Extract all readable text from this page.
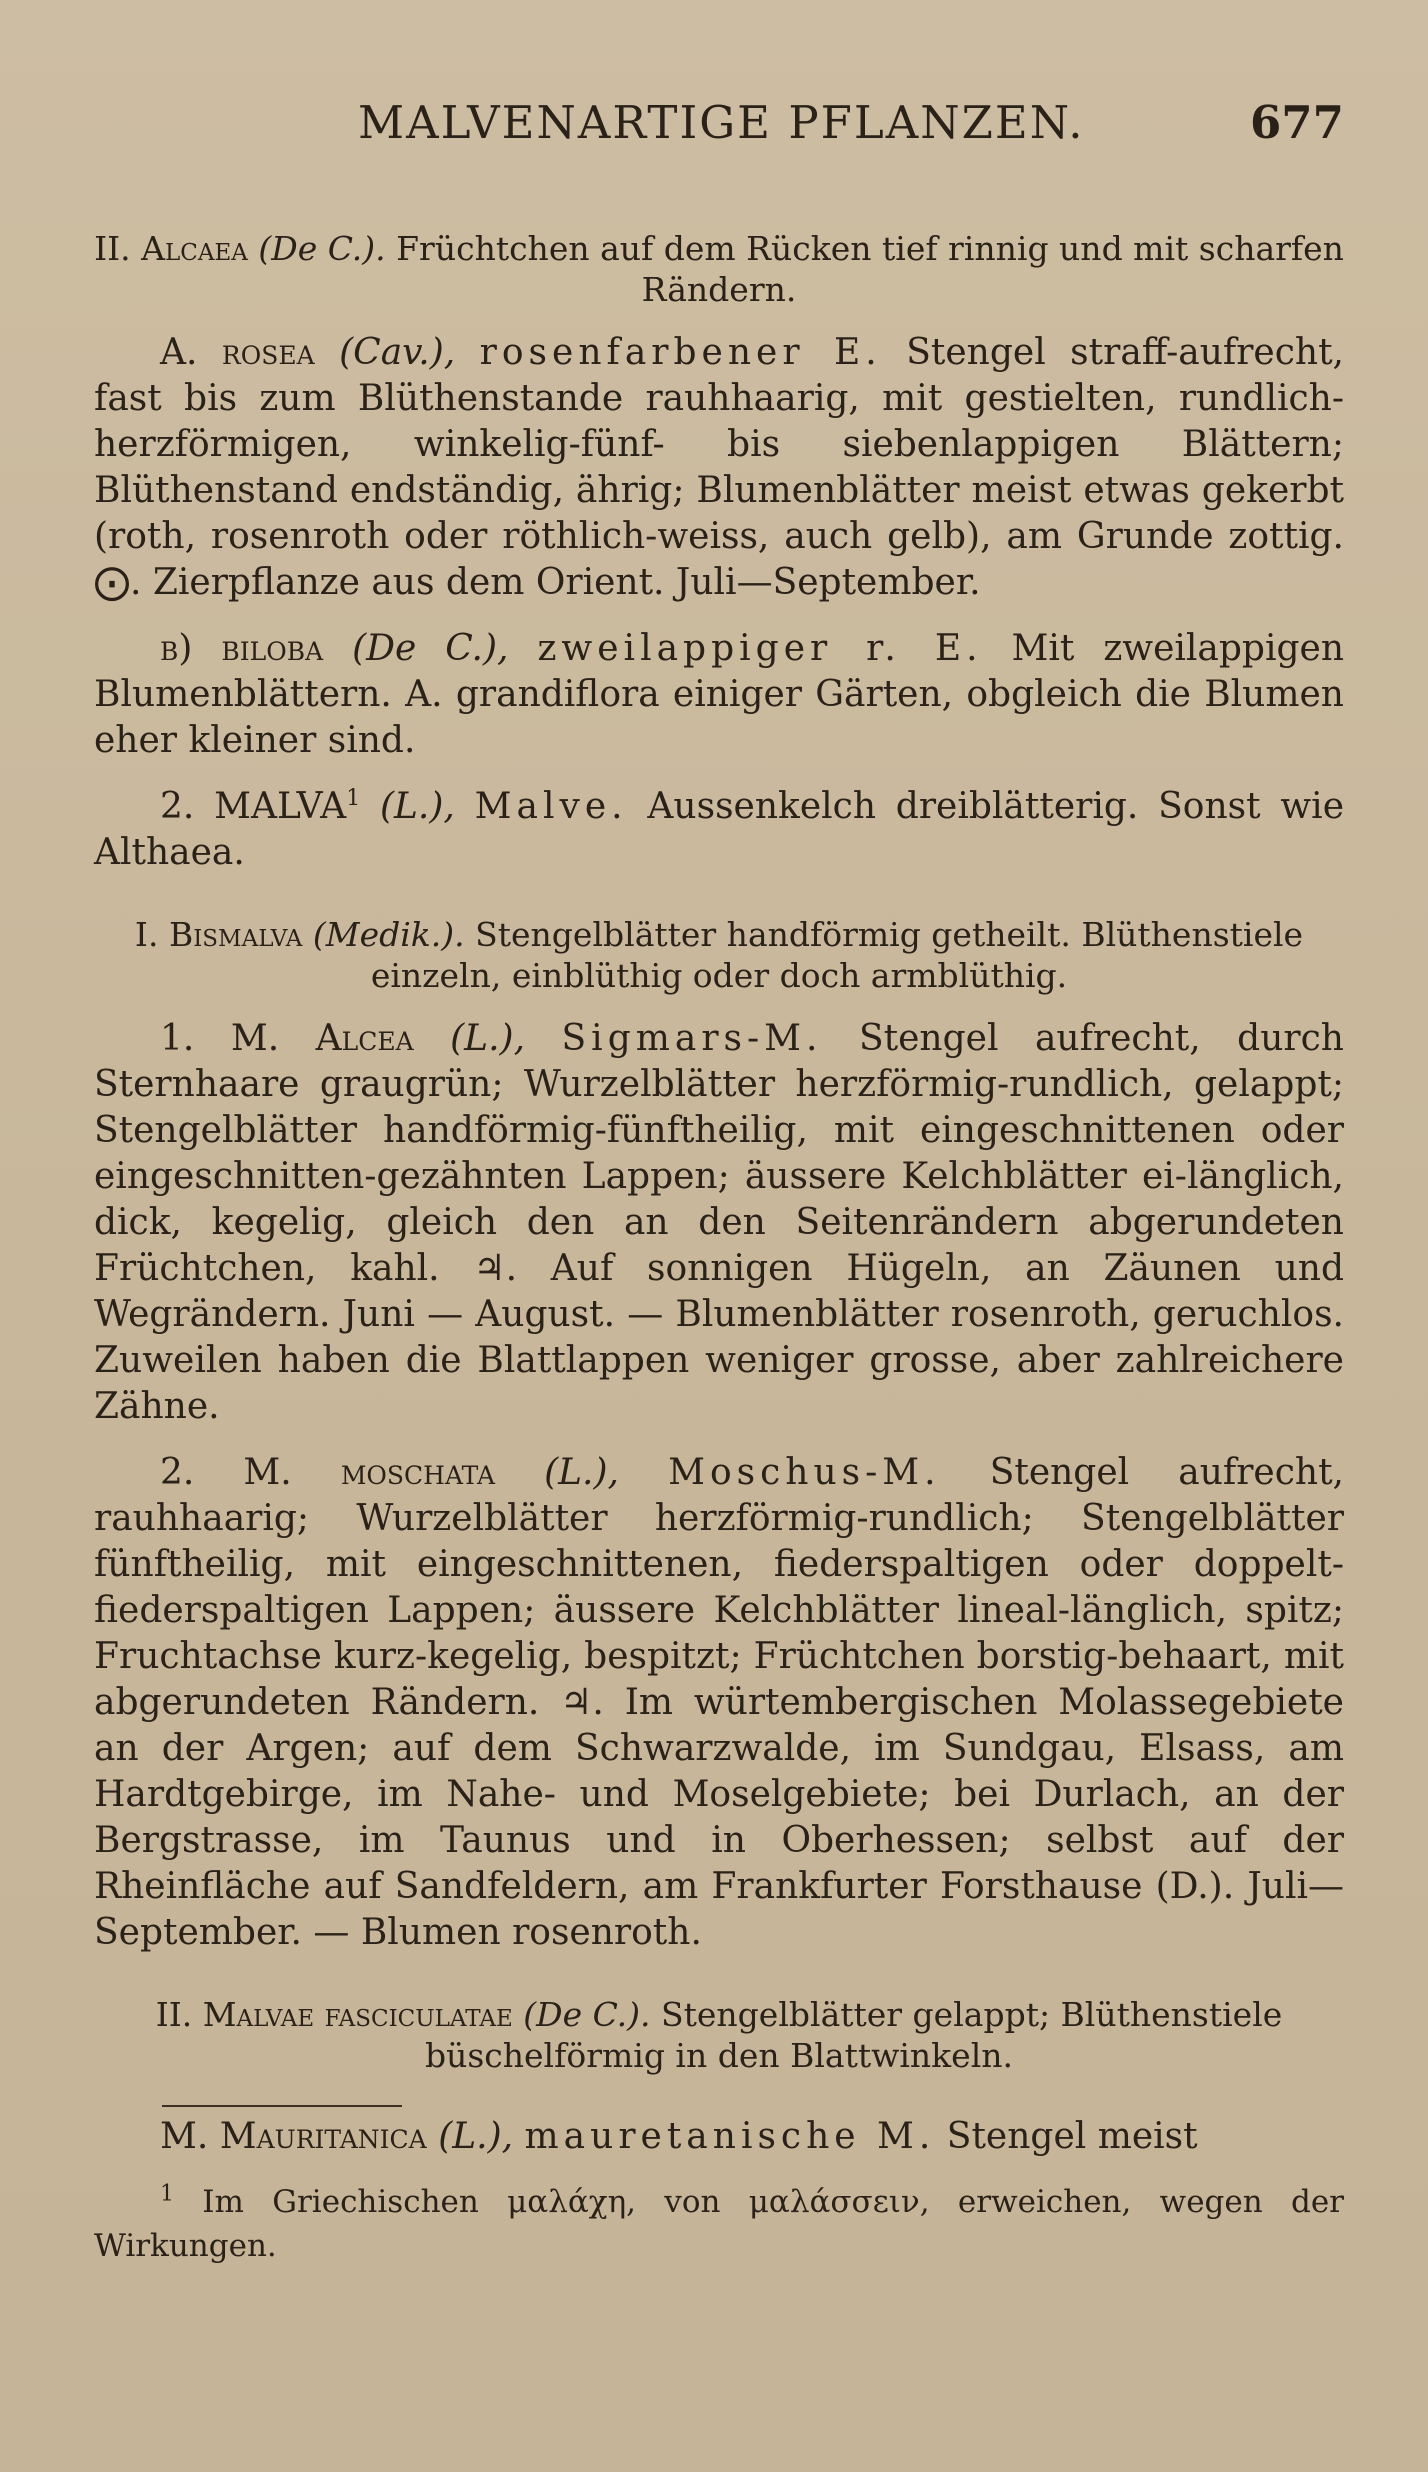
MALVENARTIGE PFLANZEN.	677

II. Alcaea (De C.). Früchtchen auf dem Rücken tief rinnig und mit scharfen Rändern.

A. rosea (Cav.), rosenfarbener E. Stengel straff-aufrecht, fast bis zum Blüthenstande rauhhaarig, mit gestielten, rundlich-herzförmigen, winkelig-fünf- bis siebenlappigen Blättern; Blüthenstand endständig, ährig; Blumenblätter meist etwas gekerbt (roth, rosenroth oder röthlich-weiss, auch gelb), am Grunde zottig. ⨀. Zierpflanze aus dem Orient. Juli—September.

b) biloba (De C.), zweilappiger r. E. Mit zweilappigen Blumenblättern. A. grandiflora einiger Gärten, obgleich die Blumen eher kleiner sind.

2. MALVA$^1$ (L.), Malve. Aussenkelch dreiblätterig. Sonst wie Althaea.

I. Bismalva (Medik.). Stengelblätter handförmig getheilt. Blüthenstiele einzeln, einblüthig oder doch armblüthig.

1. M. Alcea (L.), Sigmars-M. Stengel aufrecht, durch Sternhaare graugrün; Wurzelblätter herzförmig-rundlich, gelappt; Stengelblätter handförmig-fünftheilig, mit eingeschnittenen oder eingeschnitten-gezähnten Lappen; äussere Kelchblätter ei-länglich, dick, kegelig, gleich den an den Seitenrändern abgerundeten Früchtchen, kahl. ♃. Auf sonnigen Hügeln, an Zäunen und Wegrändern. Juni — August. — Blumenblätter rosenroth, geruchlos. Zuweilen haben die Blattlappen weniger grosse, aber zahlreichere Zähne.

2. M. moschata (L.), Moschus-M. Stengel aufrecht, rauhhaarig; Wurzelblätter herzförmig-rundlich; Stengelblätter fünftheilig, mit eingeschnittenen, fiederspaltigen oder doppelt-fiederspaltigen Lappen; äussere Kelchblätter lineal-länglich, spitz; Fruchtachse kurz-kegelig, bespitzt; Früchtchen borstig-behaart, mit abgerundeten Rändern. ♃. Im würtembergischen Molassegebiete an der Argen; auf dem Schwarzwalde, im Sundgau, Elsass, am Hardtgebirge, im Nahe- und Moselgebiete; bei Durlach, an der Bergstrasse, im Taunus und in Oberhessen; selbst auf der Rheinfläche auf Sandfeldern, am Frankfurter Forsthause (D.). Juli—September. — Blumen rosenroth.

II. Malvae fasciculatae (De C.). Stengelblätter gelappt; Blüthenstiele büschelförmig in den Blattwinkeln.

M. Mauritanica (L.), mauretanische M. Stengel meist

$^1$ Im Griechischen μαλάχη, von μαλάσσειν, erweichen, wegen der Wirkungen.
